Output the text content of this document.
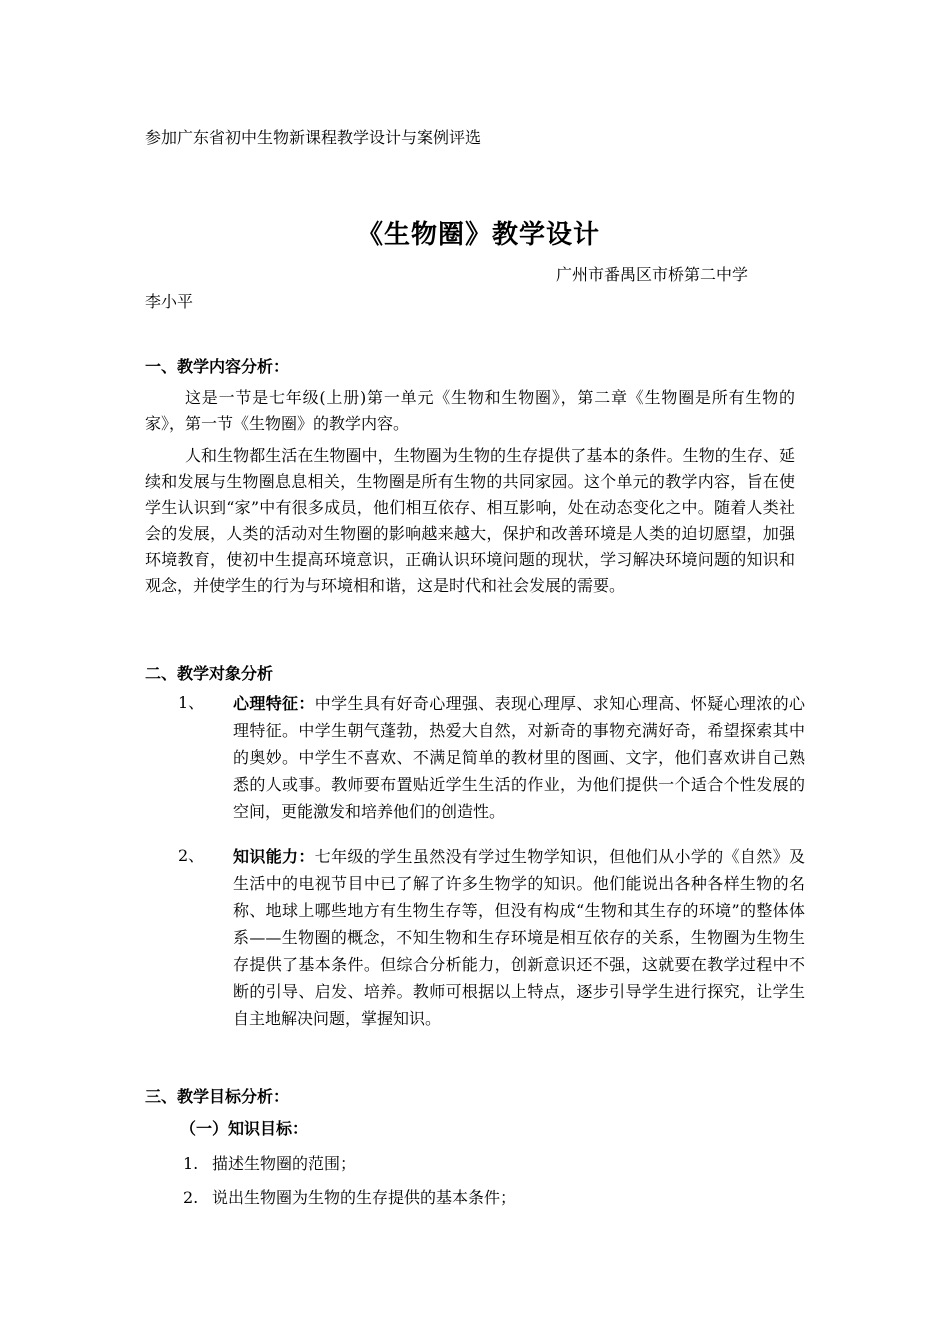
参加广东省初中生物新课程教学设计与案例评选
《生物圈》教学设计
广州市番禺区市桥第二中学
李小平
一、教学内容分析：

这是一节是七年级(上册)第一单元《生物和生物圈》，第二章《生物圈是所有生物的家》，第一节《生物圈》的教学内容。

人和生物都生活在生物圈中，生物圈为生物的生存提供了基本的条件。生物的生存、延续和发展与生物圈息息相关，生物圈是所有生物的共同家园。这个单元的教学内容，旨在使学生认识到“家”中有很多成员，他们相互依存、相互影响，处在动态变化之中。随着人类社会的发展，人类的活动对生物圈的影响越来越大，保护和改善环境是人类的迫切愿望，加强环境教育，使初中生提高环境意识，正确认识环境问题的现状，学习解决环境问题的知识和观念，并使学生的行为与环境相和谐，这是时代和社会发展的需要。

二、教学对象分析
1、 心理特征：中学生具有好奇心理强、表现心理厚、求知心理高、怀疑心理浓的心理特征。中学生朝气蓬勃，热爱大自然，对新奇的事物充满好奇，希望探索其中的奥妙。中学生不喜欢、不满足简单的教材里的图画、文字，他们喜欢讲自己熟悉的人或事。教师要布置贴近学生生活的作业，为他们提供一个适合个性发展的空间，更能激发和培养他们的创造性。

2、 知识能力：七年级的学生虽然没有学过生物学知识，但他们从小学的《自然》及生活中的电视节目中已了解了许多生物学的知识。他们能说出各种各样生物的名称、地球上哪些地方有生物生存等，但没有构成“生物和其生存的环境”的整体体系——生物圈的概念，不知生物和生存环境是相互依存的关系，生物圈为生物生存提供了基本条件。但综合分析能力，创新意识还不强，这就要在教学过程中不断的引导、启发、培养。教师可根据以上特点，逐步引导学生进行探究，让学生自主地解决问题，掌握知识。

三、教学目标分析：
（一）知识目标：
1. 描述生物圈的范围；
2. 说出生物圈为生物的生存提供的基本条件；
